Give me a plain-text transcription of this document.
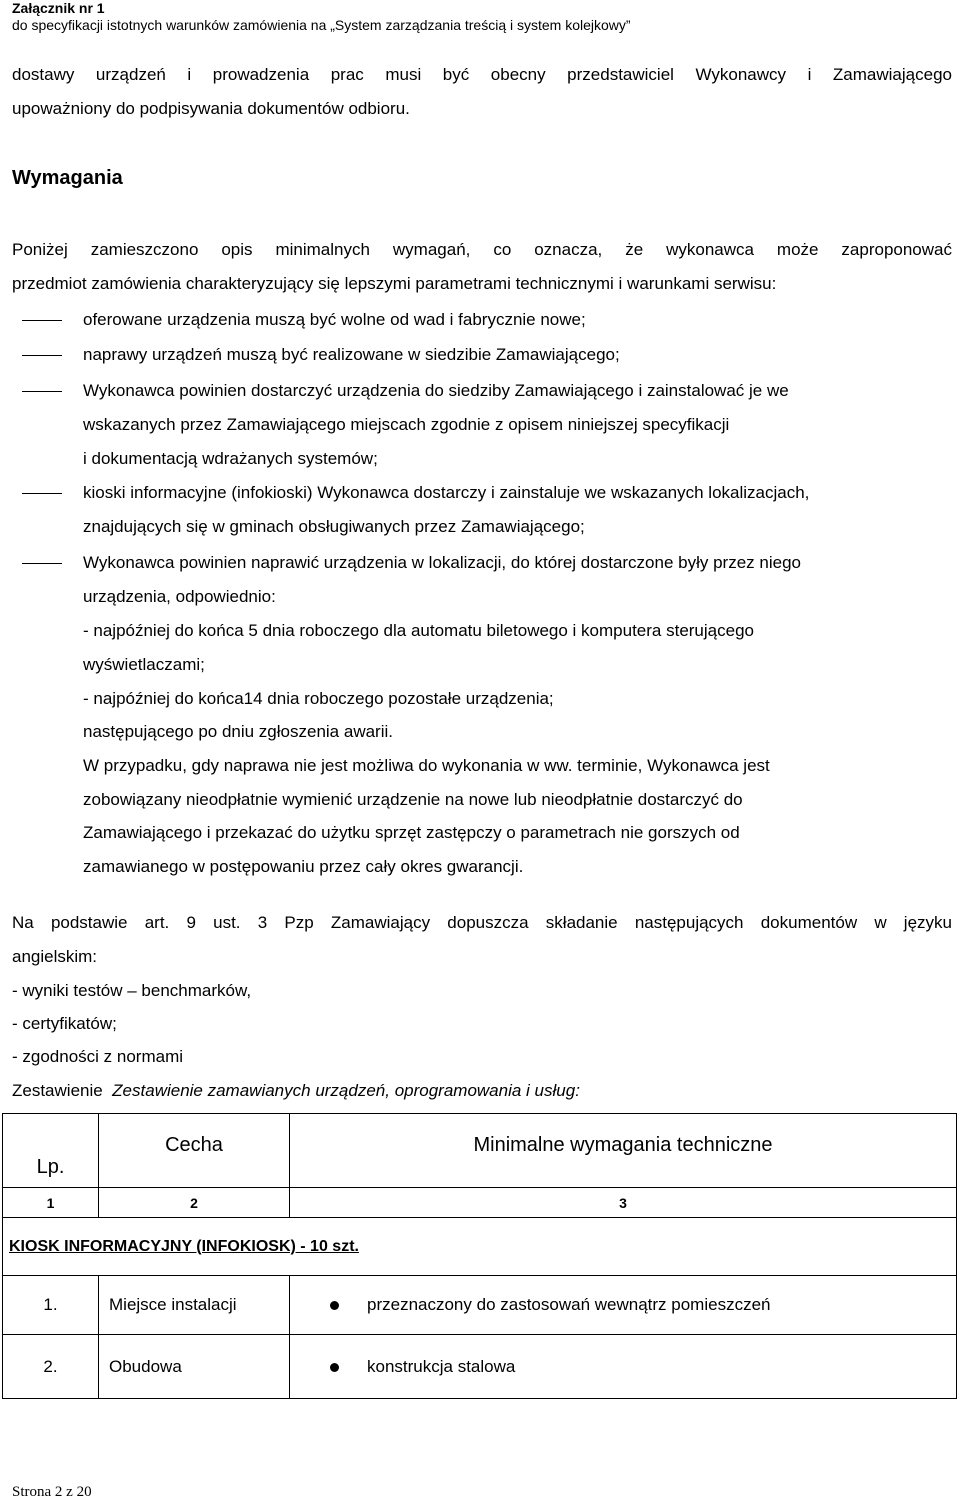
Załącznik nr 1
do specyfikacji istotnych warunków zamówienia na „System zarządzania treścią i system kolejkowy”
dostawy urządzeń i prowadzenia prac musi być obecny przedstawiciel Wykonawcy i Zamawiającego
upoważniony do podpisywania dokumentów odbioru.
Wymagania
Poniżej zamieszczono opis minimalnych wymagań, co oznacza, że wykonawca może zaproponować
przedmiot zamówienia charakteryzujący się lepszymi parametrami technicznymi i warunkami serwisu:
oferowane urządzenia muszą być wolne od wad i fabrycznie nowe;
naprawy urządzeń muszą być realizowane w siedzibie Zamawiającego;
Wykonawca powinien dostarczyć urządzenia do siedziby Zamawiającego i zainstalować je we
wskazanych przez Zamawiającego miejscach zgodnie z opisem niniejszej specyfikacji
i dokumentacją wdrażanych systemów;
kioski informacyjne (infokioski) Wykonawca dostarczy i zainstaluje we wskazanych lokalizacjach,
znajdujących się w gminach obsługiwanych przez Zamawiającego;
Wykonawca powinien naprawić urządzenia w lokalizacji, do której dostarczone były przez niego
urządzenia, odpowiednio:
- najpóźniej do końca 5 dnia roboczego dla automatu biletowego i komputera sterującego
wyświetlaczami;
- najpóźniej do końca14 dnia roboczego pozostałe urządzenia;
następującego po dniu zgłoszenia awarii.
W przypadku, gdy naprawa nie jest możliwa do wykonania w ww. terminie, Wykonawca jest
zobowiązany nieodpłatnie wymienić urządzenie na nowe lub nieodpłatnie dostarczyć do
Zamawiającego i przekazać do użytku sprzęt zastępczy o parametrach nie gorszych od
zamawianego w postępowaniu przez cały okres gwarancji.
Na podstawie art. 9 ust. 3 Pzp Zamawiający dopuszcza składanie następujących dokumentów w języku
angielskim:
- wyniki testów – benchmarków,
- certyfikatów;
- zgodności z normami
Zestawienie Zestawienie zamawianych urządzeń, oprogramowania i usług:
Lp.	Cecha	Minimalne wymagania techniczne

1	2	3
KIOSK INFORMACYJNY (INFOKIOSK) - 10 szt.		
1.	Miejsce instalacji	przeznaczony do zastosowań wewnątrz pomieszczeń
2.	Obudowa	konstrukcja stalowa
Strona 2 z 20
